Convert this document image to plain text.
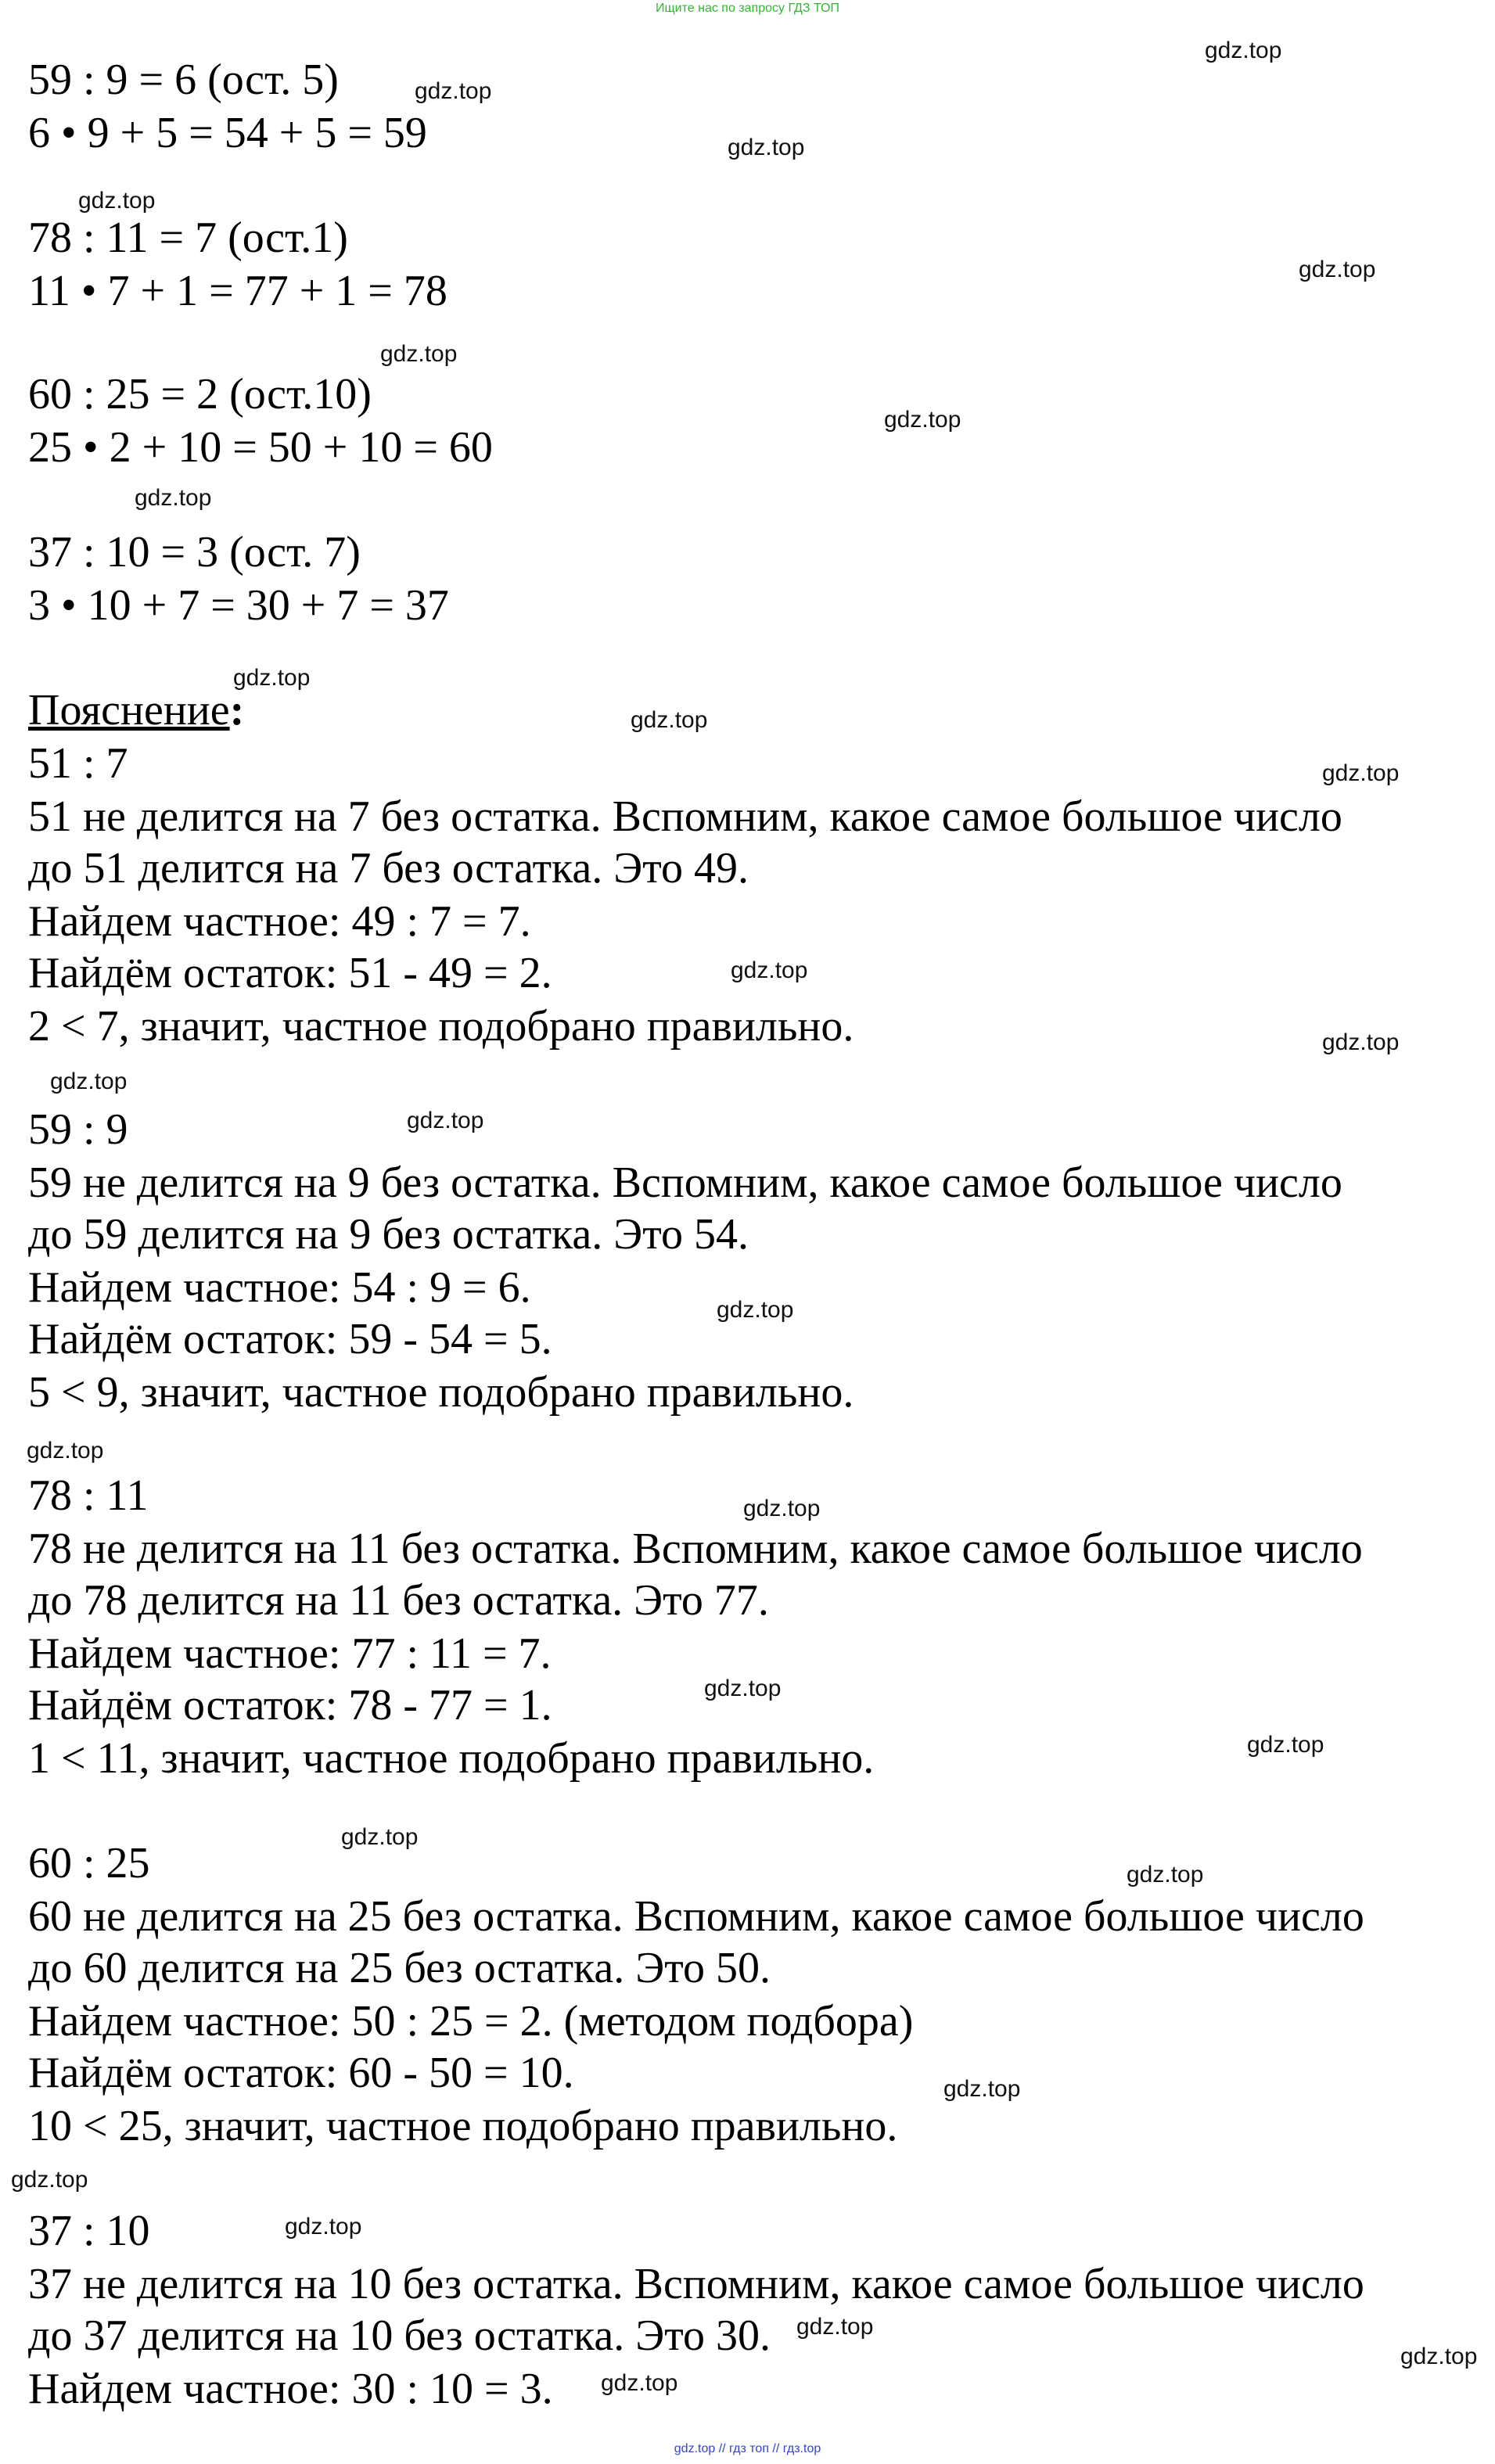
Ищите нас по запросу ГДЗ ТОП
59 : 9 = 6 (ост. 5)
6 • 9 + 5 = 54 + 5 = 59
78 : 11 = 7 (ост.1)
11 • 7 + 1 = 77 + 1 = 78
60 : 25 = 2 (ост.10)
25 • 2 + 10 = 50 + 10 = 60
37 : 10 = 3 (ост. 7)
3 • 10 + 7 = 30 + 7 = 37
Пояснение:
51 : 7
51 не делится на 7 без остатка. Вспомним, какое самое большое число
до 51 делится на 7 без остатка. Это 49.
Найдем частное: 49 : 7 = 7.
Найдём остаток: 51 - 49 = 2.
2 < 7, значит, частное подобрано правильно.
59 : 9
59 не делится на 9 без остатка. Вспомним, какое самое большое число
до 59 делится на 9 без остатка. Это 54.
Найдем частное: 54 : 9 = 6.
Найдём остаток: 59 - 54 = 5.
5 < 9, значит, частное подобрано правильно.
78 : 11
78 не делится на 11 без остатка. Вспомним, какое самое большое число
до 78 делится на 11 без остатка. Это 77.
Найдем частное: 77 : 11 = 7.
Найдём остаток: 78 - 77 = 1.
1 < 11, значит, частное подобрано правильно.
60 : 25
60 не делится на 25 без остатка. Вспомним, какое самое большое число
до 60 делится на 25 без остатка. Это 50.
Найдем частное: 50 : 25 = 2. (методом подбора)
Найдём остаток: 60 - 50 = 10.
10 < 25, значит, частное подобрано правильно.
37 : 10
37 не делится на 10 без остатка. Вспомним, какое самое большое число
до 37 делится на 10 без остатка. Это 30.
Найдем частное: 30 : 10 = 3.
gdz.top
gdz.top
gdz.top
gdz.top
gdz.top
gdz.top
gdz.top
gdz.top
gdz.top
gdz.top
gdz.top
gdz.top
gdz.top
gdz.top
gdz.top
gdz.top
gdz.top
gdz.top
gdz.top
gdz.top
gdz.top
gdz.top
gdz.top
gdz.top
gdz.top
gdz.top
gdz.top
gdz.top
gdz.top // гдз топ // гдз.top
